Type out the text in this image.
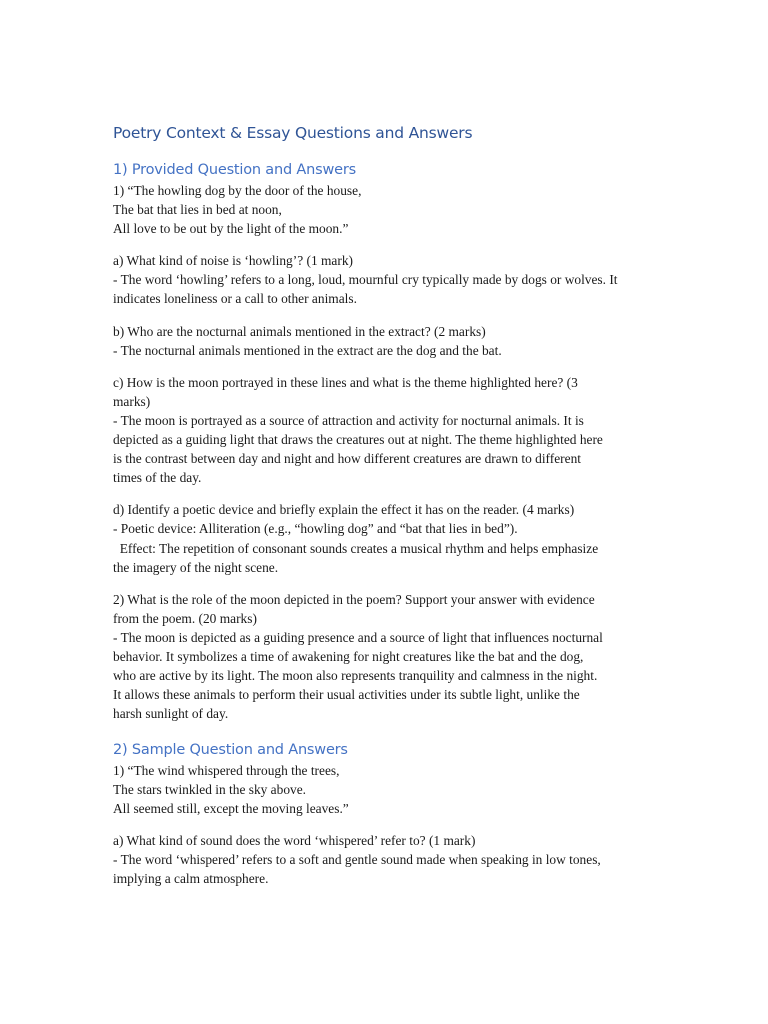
Poetry Context & Essay Questions and Answers
1) Provided Question and Answers

1) “The howling dog by the door of the house,
The bat that lies in bed at noon,
All love to be out by the light of the moon.”

a) What kind of noise is ‘howling’? (1 mark)
- The word ‘howling’ refers to a long, loud, mournful cry typically made by dogs or wolves. It
indicates loneliness or a call to other animals.

b) Who are the nocturnal animals mentioned in the extract? (2 marks)
- The nocturnal animals mentioned in the extract are the dog and the bat.

c) How is the moon portrayed in these lines and what is the theme highlighted here? (3
marks)
- The moon is portrayed as a source of attraction and activity for nocturnal animals. It is
depicted as a guiding light that draws the creatures out at night. The theme highlighted here
is the contrast between day and night and how different creatures are drawn to different
times of the day.

d) Identify a poetic device and briefly explain the effect it has on the reader. (4 marks)
- Poetic device: Alliteration (e.g., “howling dog” and “bat that lies in bed”).
Effect: The repetition of consonant sounds creates a musical rhythm and helps emphasize
the imagery of the night scene.

2) What is the role of the moon depicted in the poem? Support your answer with evidence
from the poem. (20 marks)
- The moon is depicted as a guiding presence and a source of light that influences nocturnal
behavior. It symbolizes a time of awakening for night creatures like the bat and the dog,
who are active by its light. The moon also represents tranquility and calmness in the night.
It allows these animals to perform their usual activities under its subtle light, unlike the
harsh sunlight of day.

2) Sample Question and Answers

1) “The wind whispered through the trees,
The stars twinkled in the sky above.
All seemed still, except the moving leaves.”

a) What kind of sound does the word ‘whispered’ refer to? (1 mark)
- The word ‘whispered’ refers to a soft and gentle sound made when speaking in low tones,
implying a calm atmosphere.
